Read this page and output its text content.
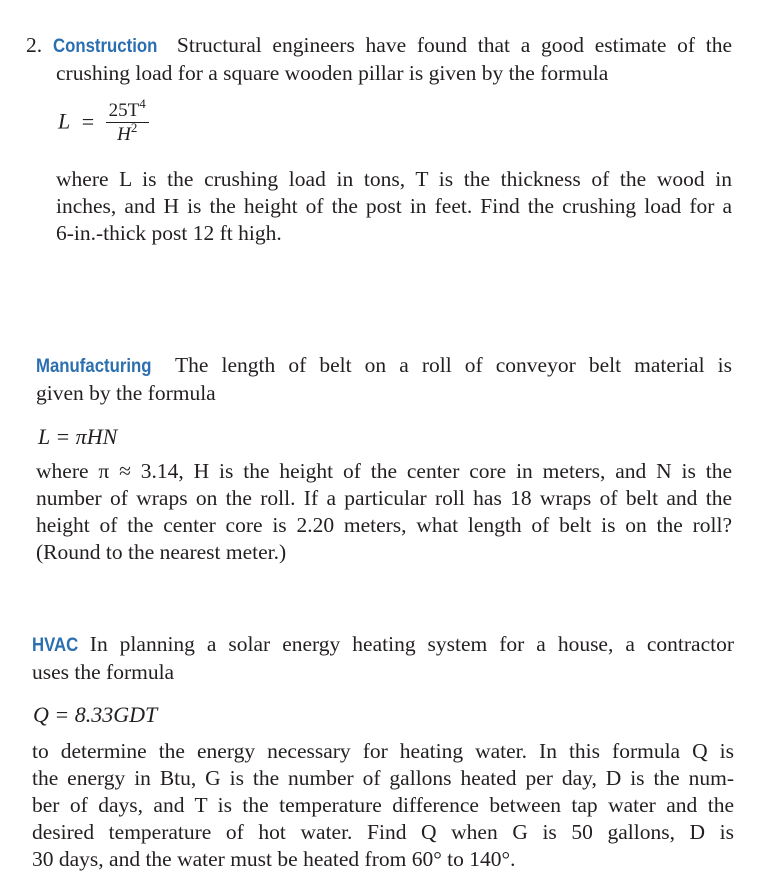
2. Construction Structural engineers have found that a good estimate of the
crushing load for a square wooden pillar is given by the formula
$L = \frac{25T^4}{H^2}$
where L is the crushing load in tons, T is the thickness of the wood in
inches, and H is the height of the post in feet. Find the crushing load for a
6-in.-thick post 12 ft high.
Manufacturing The length of belt on a roll of conveyor belt material is
given by the formula
L = πHN
where π ≈ 3.14, H is the height of the center core in meters, and N is the
number of wraps on the roll. If a particular roll has 18 wraps of belt and the
height of the center core is 2.20 meters, what length of belt is on the roll?
(Round to the nearest meter.)
HVAC In planning a solar energy heating system for a house, a contractor
uses the formula
Q = 8.33GDT
to determine the energy necessary for heating water. In this formula Q is
the energy in Btu, G is the number of gallons heated per day, D is the num-
ber of days, and T is the temperature difference between tap water and the
desired temperature of hot water. Find Q when G is 50 gallons, D is
30 days, and the water must be heated from 60° to 140°.
